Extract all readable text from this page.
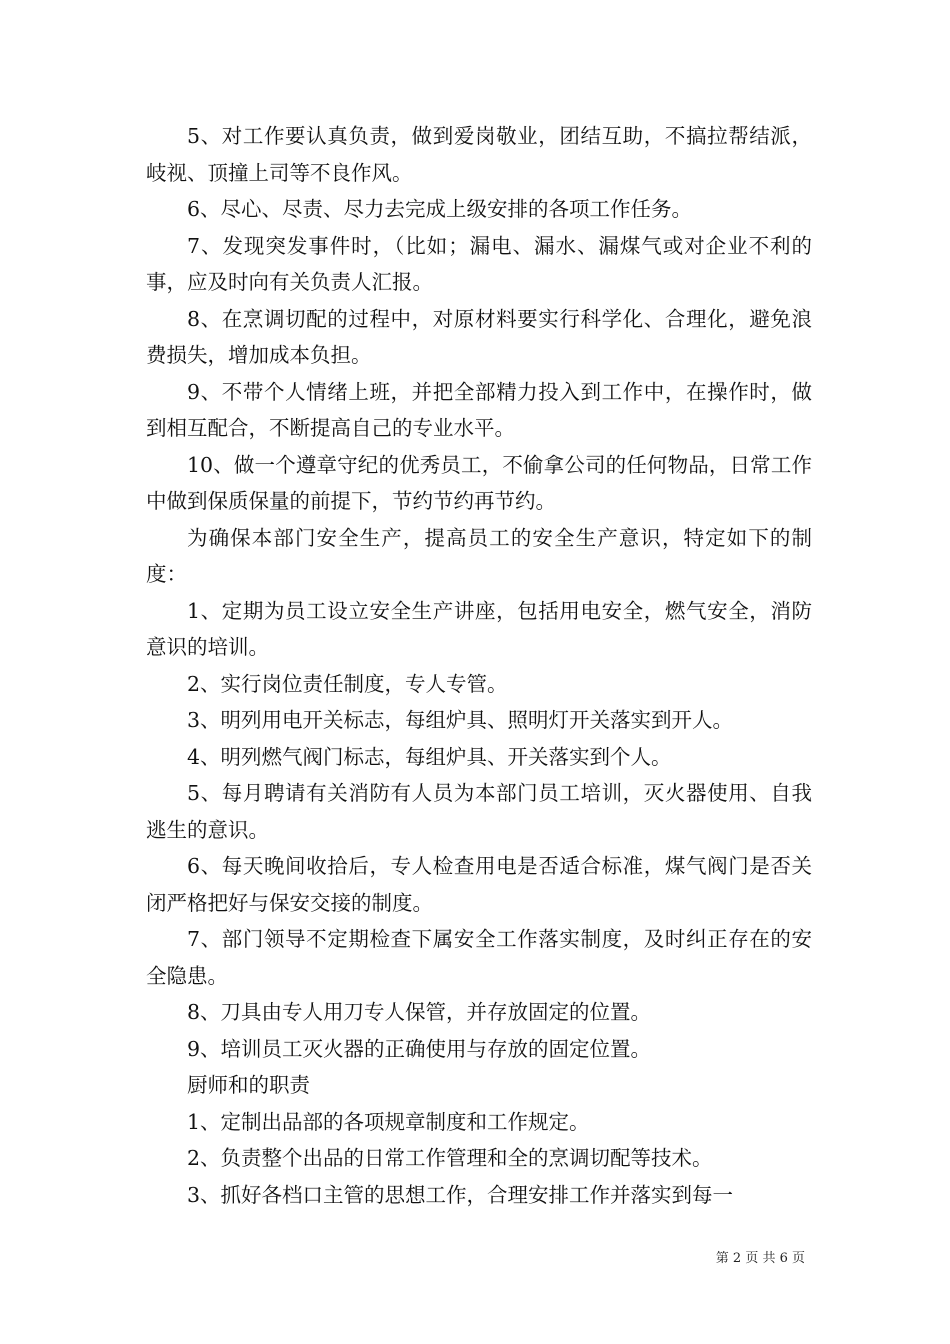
5、对工作要认真负责，做到爱岗敬业，团结互助，不搞拉帮结派，岐视、顶撞上司等不良作风。

6、尽心、尽责、尽力去完成上级安排的各项工作任务。

7、发现突发事件时，（比如；漏电、漏水、漏煤气或对企业不利的事，应及时向有关负责人汇报。

8、在烹调切配的过程中，对原材料要实行科学化、合理化，避免浪费损失，增加成本负担。

9、不带个人情绪上班，并把全部精力投入到工作中，在操作时，做到相互配合，不断提高自己的专业水平。

10、做一个遵章守纪的优秀员工，不偷拿公司的任何物品，日常工作中做到保质保量的前提下，节约节约再节约。

为确保本部门安全生产，提高员工的安全生产意识，特定如下的制度：

1、定期为员工设立安全生产讲座，包括用电安全，燃气安全，消防意识的培训。

2、实行岗位责任制度，专人专管。

3、明列用电开关标志，每组炉具、照明灯开关落实到开人。

4、明列燃气阀门标志，每组炉具、开关落实到个人。

5、每月聘请有关消防有人员为本部门员工培训，灭火器使用、自我逃生的意识。

6、每天晚间收拾后，专人检查用电是否适合标准，煤气阀门是否关闭严格把好与保安交接的制度。

7、部门领导不定期检查下属安全工作落实制度，及时纠正存在的安全隐患。

8、刀具由专人用刀专人保管，并存放固定的位置。

9、培训员工灭火器的正确使用与存放的固定位置。

厨师和的职责

1、定制出品部的各项规章制度和工作规定。

2、负责整个出品的日常工作管理和全的烹调切配等技术。

3、抓好各档口主管的思想工作，合理安排工作并落实到每一

第 2 页 共 6 页
